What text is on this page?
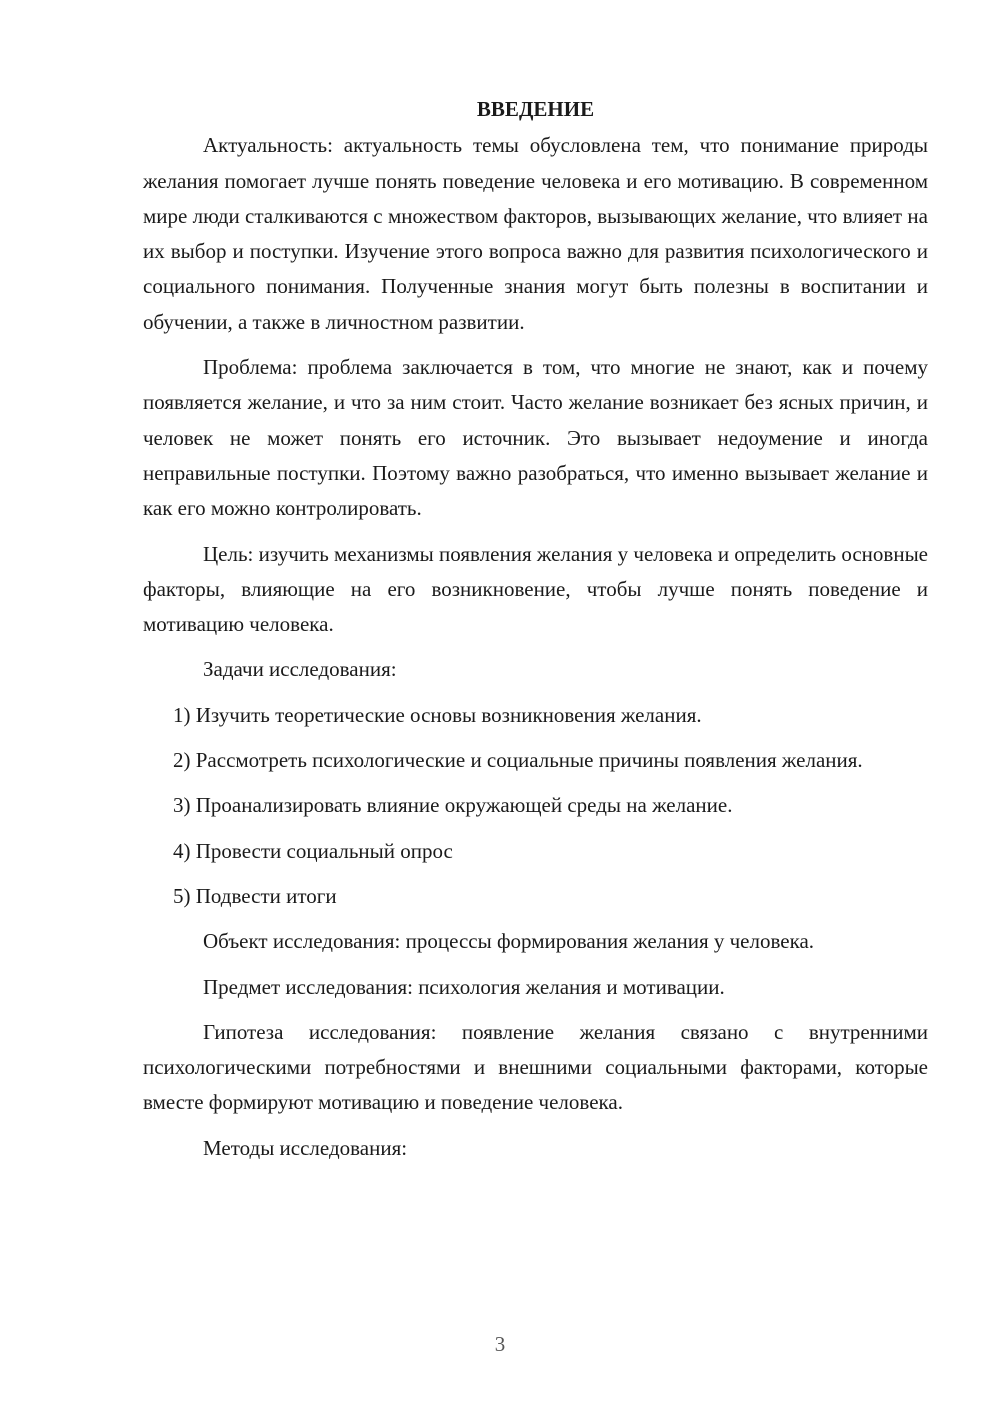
ВВЕДЕНИЕ
Актуальность: актуальность темы обусловлена тем, что понимание природы желания помогает лучше понять поведение человека и его мотивацию. В современном мире люди сталкиваются с множеством факторов, вызывающих желание, что влияет на их выбор и поступки. Изучение этого вопроса важно для развития психологического и социального понимания. Полученные знания могут быть полезны в воспитании и обучении, а также в личностном развитии.
Проблема: проблема заключается в том, что многие не знают, как и почему появляется желание, и что за ним стоит. Часто желание возникает без ясных причин, и человек не может понять его источник. Это вызывает недоумение и иногда неправильные поступки. Поэтому важно разобраться, что именно вызывает желание и как его можно контролировать.
Цель: изучить механизмы появления желания у человека и определить основные факторы, влияющие на его возникновение, чтобы лучше понять поведение и мотивацию человека.
Задачи исследования:
1) Изучить теоретические основы возникновения желания.
2) Рассмотреть психологические и социальные причины появления желания.
3) Проанализировать влияние окружающей среды на желание.
4) Провести социальный опрос
5) Подвести итоги
Объект исследования: процессы формирования желания у человека.
Предмет исследования: психология желания и мотивации.
Гипотеза исследования: появление желания связано с внутренними психологическими потребностями и внешними социальными факторами, которые вместе формируют мотивацию и поведение человека.
Методы исследования:
3
